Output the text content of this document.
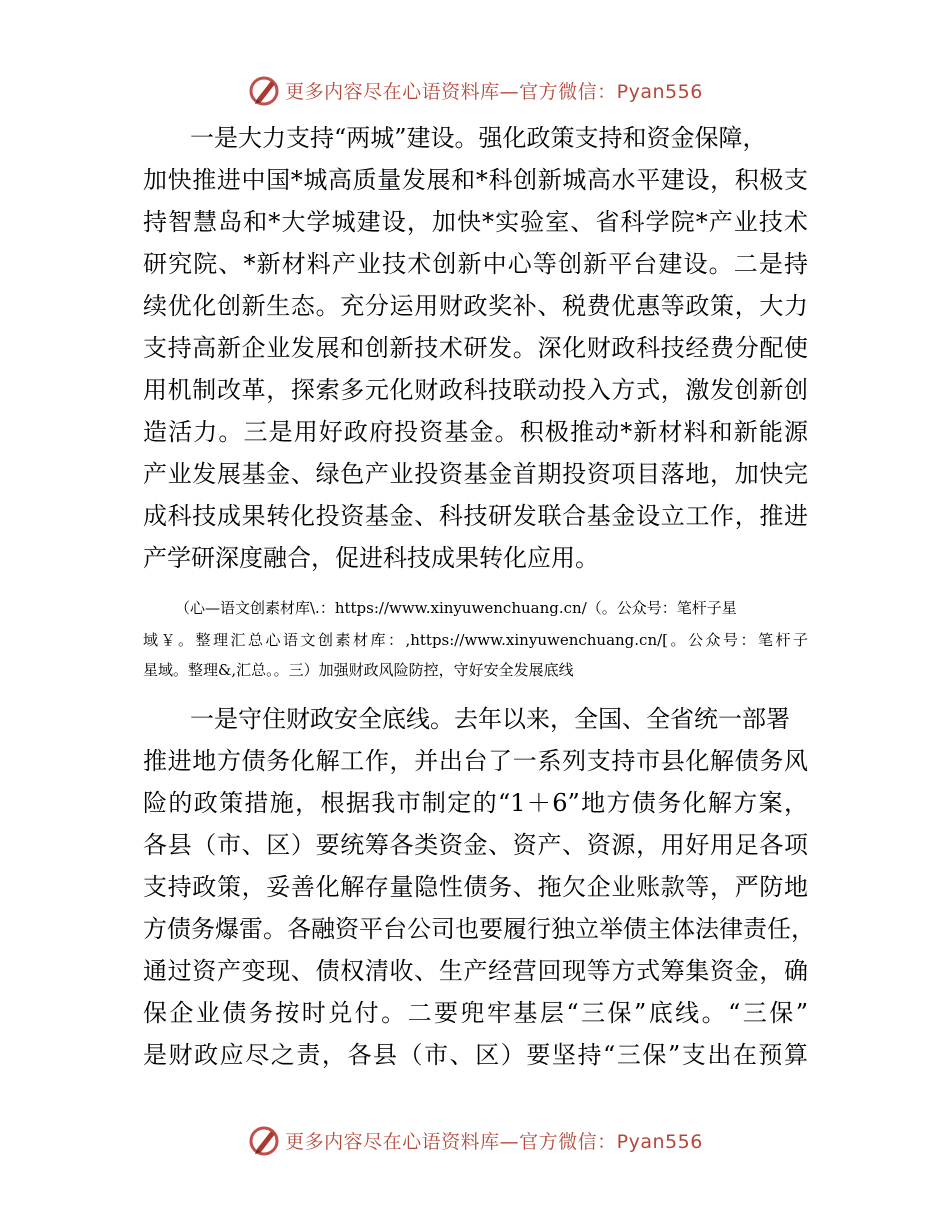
更多内容尽在心语资料库—官方微信：Pyan556
一是大力支持“两城”建设。强化政策支持和资金保障，
加快推进中国*城高质量发展和*科创新城高水平建设，积极支
持智慧岛和*大学城建设，加快*实验室、省科学院*产业技术
研究院、*新材料产业技术创新中心等创新平台建设。二是持
续优化创新生态。充分运用财政奖补、税费优惠等政策，大力
支持高新企业发展和创新技术研发。深化财政科技经费分配使
用机制改革，探索多元化财政科技联动投入方式，激发创新创
造活力。三是用好政府投资基金。积极推动*新材料和新能源
产业发展基金、绿色产业投资基金首期投资项目落地，加快完
成科技成果转化投资基金、科技研发联合基金设立工作，推进
产学研深度融合，促进科技成果转化应用。
（心—语文创素材库\.：https://www.xinyuwenchuang.cn/（。公众号：笔杆子星
域￥。整理汇总心语文创素材库：,https://www.xinyuwenchuang.cn/[。公众号：笔杆子
星域。整理&,汇总。。三）加强财政风险防控，守好安全发展底线
一是守住财政安全底线。去年以来，全国、全省统一部署
推进地方债务化解工作，并出台了一系列支持市县化解债务风
险的政策措施，根据我市制定的“1＋6”地方债务化解方案，
各县（市、区）要统筹各类资金、资产、资源，用好用足各项
支持政策，妥善化解存量隐性债务、拖欠企业账款等，严防地
方债务爆雷。各融资平台公司也要履行独立举债主体法律责任，
通过资产变现、债权清收、生产经营回现等方式筹集资金，确
保企业债务按时兑付。二要兜牢基层“三保”底线。“三保”
是财政应尽之责，各县（市、区）要坚持“三保”支出在预算
更多内容尽在心语资料库—官方微信：Pyan556
